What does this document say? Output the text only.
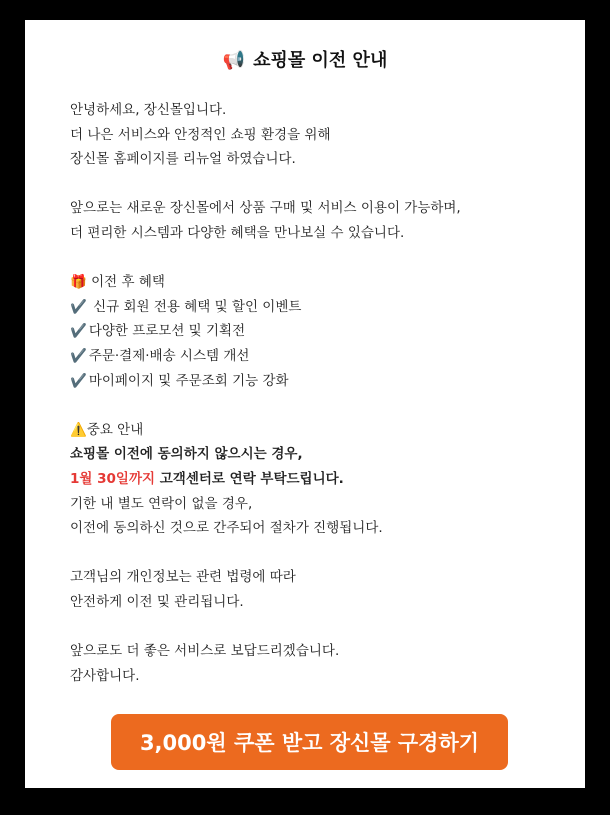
📢 쇼핑몰 이전 안내
안녕하세요, 장신몰입니다.
더 나은 서비스와 안정적인 쇼핑 환경을 위해
장신몰 홈페이지를 리뉴얼 하였습니다.
앞으로는 새로운 장신몰에서 상품 구매 및 서비스 이용이 가능하며,
더 편리한 시스템과 다양한 혜택을 만나보실 수 있습니다.
🎁 이전 후 혜택
✔️ 신규 회원 전용 혜택 및 할인 이벤트
✔️ 다양한 프로모션 및 기획전
✔️ 주문·결제·배송 시스템 개선
✔️ 마이페이지 및 주문조회 기능 강화
⚠️중요 안내
쇼핑몰 이전에 동의하지 않으시는 경우,
1월 30일까지 고객센터로 연락 부탁드립니다.
기한 내 별도 연락이 없을 경우,
이전에 동의하신 것으로 간주되어 절차가 진행됩니다.
고객님의 개인정보는 관련 법령에 따라
안전하게 이전 및 관리됩니다.
앞으로도 더 좋은 서비스로 보답드리겠습니다.
감사합니다.
3,000원 쿠폰 받고 장신몰 구경하기
